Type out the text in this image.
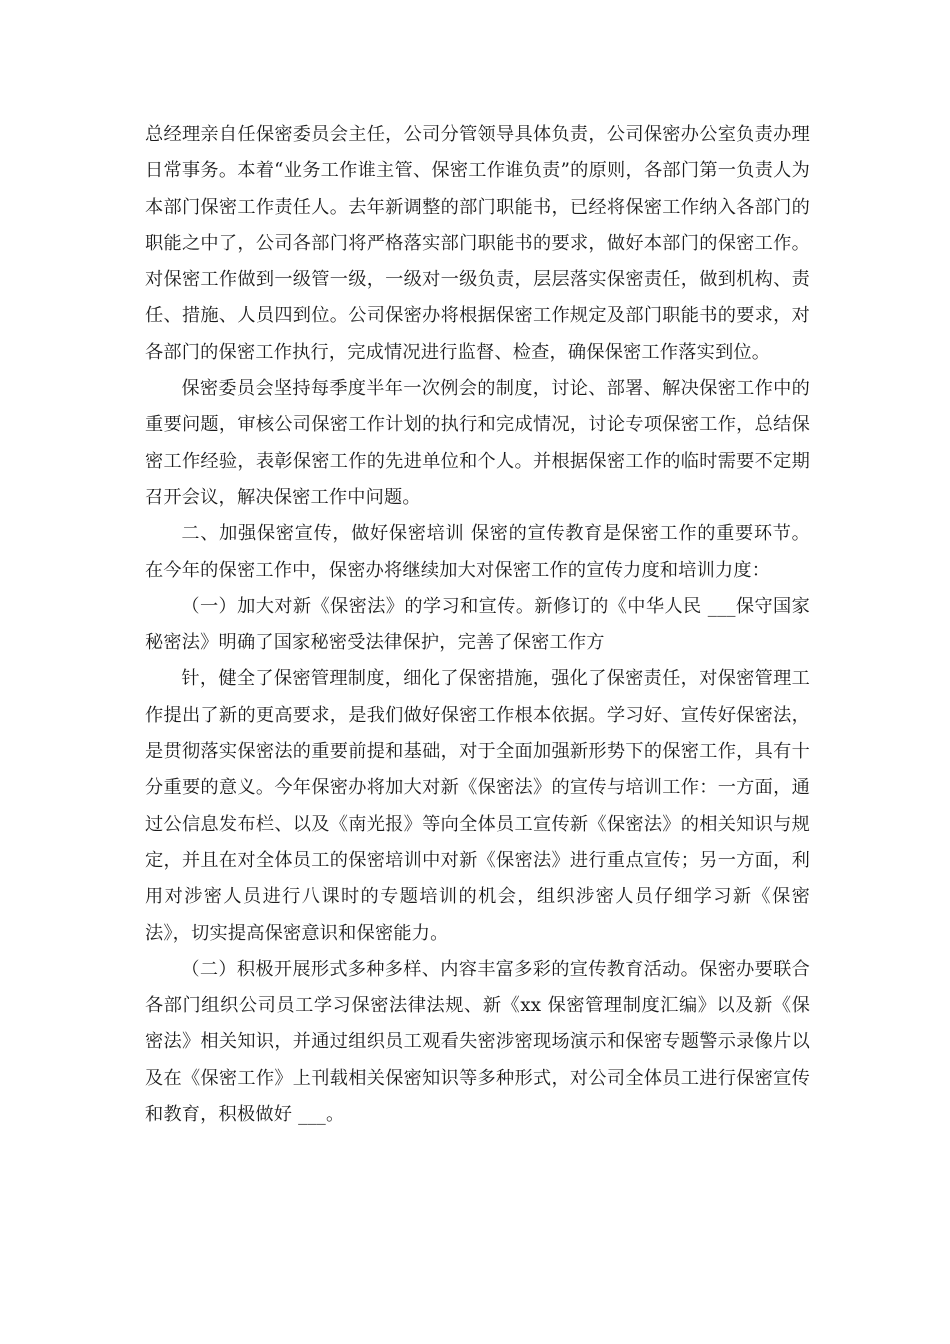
总经理亲自任保密委员会主任，公司分管领导具体负责，公司保密办公室负责办理日常事务。本着“业务工作谁主管、保密工作谁负责”的原则，各部门第一负责人为本部门保密工作责任人。去年新调整的部门职能书，已经将保密工作纳入各部门的职能之中了，公司各部门将严格落实部门职能书的要求，做好本部门的保密工作。对保密工作做到一级管一级，一级对一级负责，层层落实保密责任，做到机构、责任、措施、人员四到位。公司保密办将根据保密工作规定及部门职能书的要求，对各部门的保密工作执行，完成情况进行监督、检查，确保保密工作落实到位。

保密委员会坚持每季度半年一次例会的制度，讨论、部署、解决保密工作中的重要问题，审核公司保密工作计划的执行和完成情况，讨论专项保密工作，总结保密工作经验，表彰保密工作的先进单位和个人。并根据保密工作的临时需要不定期召开会议，解决保密工作中问题。

二、加强保密宣传，做好保密培训 保密的宣传教育是保密工作的重要环节。在今年的保密工作中，保密办将继续加大对保密工作的宣传力度和培训力度：

（一）加大对新《保密法》的学习和宣传。新修订的《中华人民 ___保守国家秘密法》明确了国家秘密受法律保护，完善了保密工作方

针，健全了保密管理制度，细化了保密措施，强化了保密责任，对保密管理工作提出了新的更高要求，是我们做好保密工作根本依据。学习好、宣传好保密法，是贯彻落实保密法的重要前提和基础，对于全面加强新形势下的保密工作，具有十分重要的意义。今年保密办将加大对新《保密法》的宣传与培训工作：一方面，通过公信息发布栏、以及《南光报》等向全体员工宣传新《保密法》的相关知识与规定，并且在对全体员工的保密培训中对新《保密法》进行重点宣传；另一方面，利用对涉密人员进行八课时的专题培训的机会，组织涉密人员仔细学习新《保密法》，切实提高保密意识和保密能力。

（二）积极开展形式多种多样、内容丰富多彩的宣传教育活动。保密办要联合各部门组织公司员工学习保密法律法规、新《xx 保密管理制度汇编》以及新《保密法》相关知识，并通过组织员工观看失密涉密现场演示和保密专题警示录像片以及在《保密工作》上刊载相关保密知识等多种形式，对公司全体员工进行保密宣传和教育，积极做好 ___。
